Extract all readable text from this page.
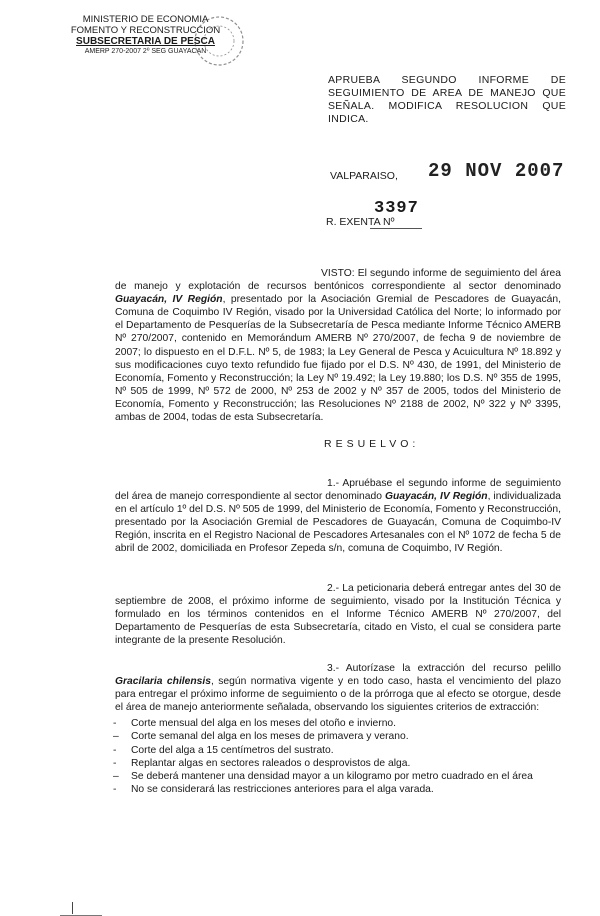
MINISTERIO DE ECONOMIA
FOMENTO Y RECONSTRUCCION
SUBSECRETARIA DE PESCA
AMERP 270-2007 2º SEG GUAYACAN
APRUEBA SEGUNDO INFORME DE
SEGUIMIENTO DE AREA DE MANEJO QUE
SEÑALA. MODIFICA RESOLUCION QUE
INDICA.
VALPARAISO, 29 NOV 2007
3397
R. EXENTA Nº
VISTO: El segundo informe de seguimiento del área de manejo y explotación de recursos bentónicos correspondiente al sector denominado Guayacán, IV Región, presentado por la Asociación Gremial de Pescadores de Guayacán, Comuna de Coquimbo IV Región, visado por la Universidad Católica del Norte; lo informado por el Departamento de Pesquerías de la Subsecretaría de Pesca mediante Informe Técnico AMERB Nº 270/2007, contenido en Memorándum AMERB Nº 270/2007, de fecha 9 de noviembre de 2007; lo dispuesto en el D.F.L. Nº 5, de 1983; la Ley General de Pesca y Acuicultura Nº 18.892 y sus modificaciones cuyo texto refundido fue fijado por el D.S. Nº 430, de 1991, del Ministerio de Economía, Fomento y Reconstrucción; la Ley Nº 19.492; la Ley 19.880; los D.S. Nº 355 de 1995, Nº 505 de 1999, Nº 572 de 2000, Nº 253 de 2002 y Nº 357 de 2005, todos del Ministerio de Economía, Fomento y Reconstrucción; las Resoluciones Nº 2188 de 2002, Nº 322 y Nº 3395, ambas de 2004, todas de esta Subsecretaría.
RESUELVO:
1.- Apruébase el segundo informe de seguimiento del área de manejo correspondiente al sector denominado Guayacán, IV Región, individualizada en el artículo 1º del D.S. Nº 505 de 1999, del Ministerio de Economía, Fomento y Reconstrucción, presentado por la Asociación Gremial de Pescadores de Guayacán, Comuna de Coquimbo-IV Región, inscrita en el Registro Nacional de Pescadores Artesanales con el Nº 1072 de fecha 5 de abril de 2002, domiciliada en Profesor Zepeda s/n, comuna de Coquimbo, IV Región.
2.- La peticionaria deberá entregar antes del 30 de septiembre de 2008, el próximo informe de seguimiento, visado por la Institución Técnica y formulado en los términos contenidos en el Informe Técnico AMERB Nº 270/2007, del Departamento de Pesquerías de esta Subsecretaría, citado en Visto, el cual se considera parte integrante de la presente Resolución.
3.- Autorízase la extracción del recurso pelillo Gracilaria chilensis, según normativa vigente y en todo caso, hasta el vencimiento del plazo para entregar el próximo informe de seguimiento o de la prórroga que al efecto se otorgue, desde el área de manejo anteriormente señalada, observando los siguientes criterios de extracción:
- Corte mensual del alga en los meses del otoño e invierno.
– Corte semanal del alga en los meses de primavera y verano.
- Corte del alga a 15 centímetros del sustrato.
- Replantar algas en sectores raleados o desprovistos de alga.
– Se deberá mantener una densidad mayor a un kilogramo por metro cuadrado en el área
- No se considerará las restricciones anteriores para el alga varada.
